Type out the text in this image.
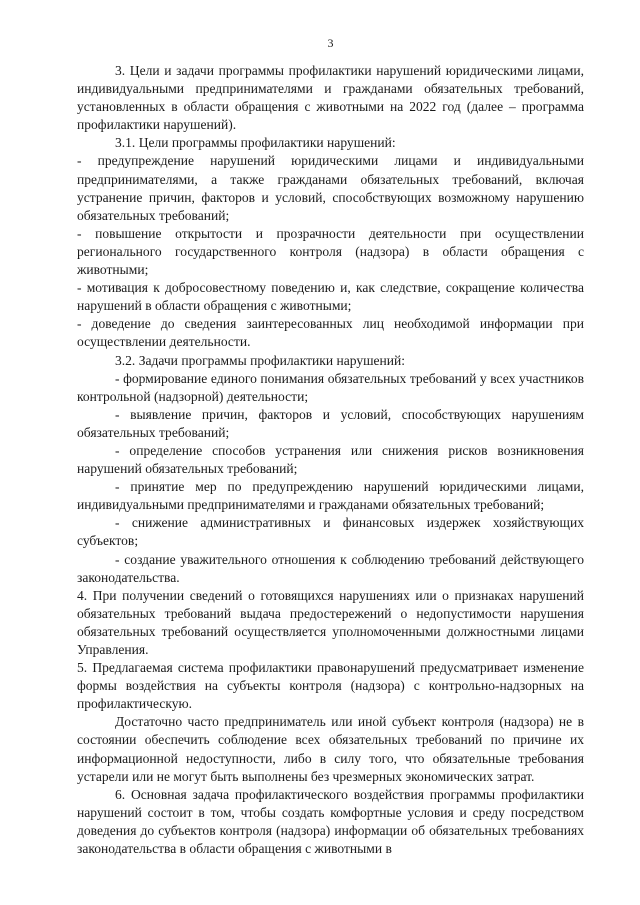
3

3. Цели и задачи программы профилактики нарушений юридическими лицами, индивидуальными предпринимателями и гражданами обязательных требований, установленных в области обращения с животными на 2022 год (далее – программа профилактики нарушений).

3.1. Цели программы профилактики нарушений:

- предупреждение нарушений юридическими лицами и индивидуальными предпринимателями, а также гражданами обязательных требований, включая устранение причин, факторов и условий, способствующих возможному нарушению обязательных требований;

- повышение открытости и прозрачности деятельности при осуществлении регионального государственного контроля (надзора) в области обращения с животными;

- мотивация к добросовестному поведению и, как следствие, сокращение количества нарушений в области обращения с животными;

- доведение до сведения заинтересованных лиц необходимой информации при осуществлении деятельности.

3.2. Задачи программы профилактики нарушений:

- формирование единого понимания обязательных требований у всех участников контрольной (надзорной) деятельности;

- выявление причин, факторов и условий, способствующих нарушениям обязательных требований;

- определение способов устранения или снижения рисков возникновения нарушений обязательных требований;

- принятие мер по предупреждению нарушений юридическими лицами, индивидуальными предпринимателями и гражданами обязательных требований;

- снижение административных и финансовых издержек хозяйствующих субъектов;

- создание уважительного отношения к соблюдению требований действующего законодательства.

4. При получении сведений о готовящихся нарушениях или о признаках нарушений обязательных требований выдача предостережений о недопустимости нарушения обязательных требований осуществляется уполномоченными должностными лицами Управления.

5. Предлагаемая система профилактики правонарушений предусматривает изменение формы воздействия на субъекты контроля (надзора) с контрольно-надзорных на профилактическую.

Достаточно часто предприниматель или иной субъект контроля (надзора) не в состоянии обеспечить соблюдение всех обязательных требований по причине их информационной недоступности, либо в силу того, что обязательные требования устарели или не могут быть выполнены без чрезмерных экономических затрат.

6. Основная задача профилактического воздействия программы профилактики нарушений состоит в том, чтобы создать комфортные условия и среду посредством доведения до субъектов контроля (надзора) информации об обязательных требованиях законодательства в области обращения с животными в
